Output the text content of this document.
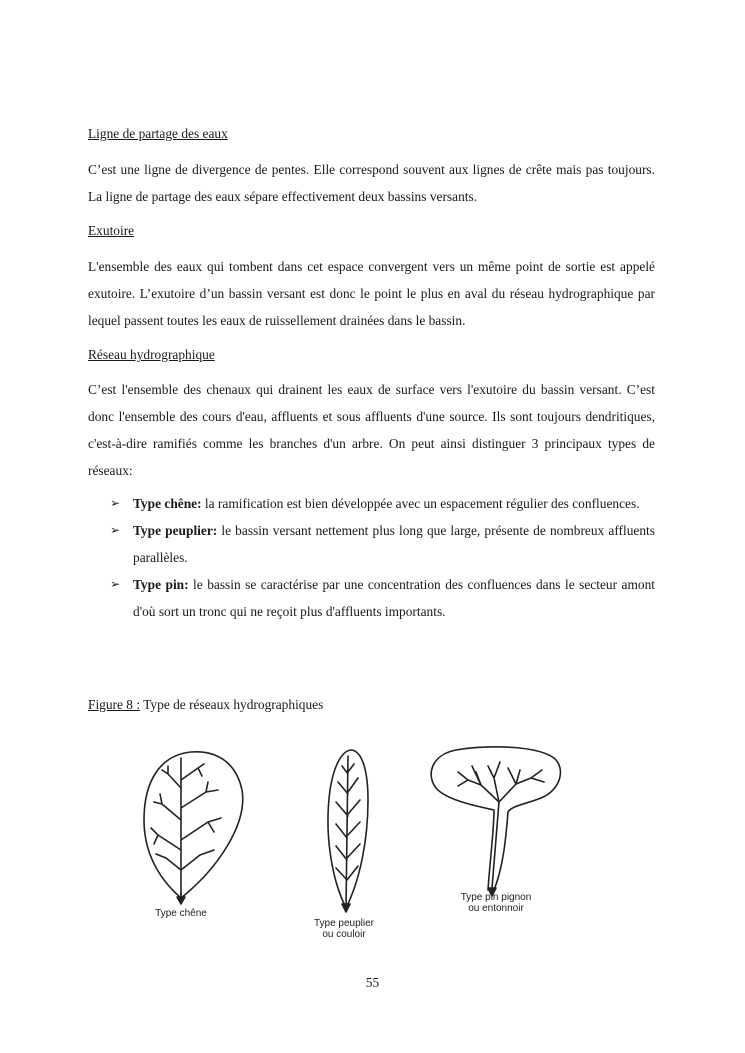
Ligne de partage des eaux

C’est une ligne de divergence de pentes. Elle correspond souvent aux lignes de crête mais pas toujours. La ligne de partage des eaux sépare effectivement deux bassins versants.

Exutoire

L'ensemble des eaux qui tombent dans cet espace convergent vers un même point de sortie est appelé exutoire. L’exutoire d’un bassin versant est donc le point le plus en aval du réseau hydrographique par lequel passent toutes les eaux de ruissellement drainées dans le bassin.

Réseau hydrographique

C’est l'ensemble des chenaux qui drainent les eaux de surface vers l'exutoire du bassin versant. C’est donc l'ensemble des cours d'eau, affluents et sous affluents d'une source. Ils sont toujours dendritiques, c'est-à-dire ramifiés comme les branches d'un arbre. On peut ainsi distinguer 3 principaux types de réseaux:

➢ Type chêne: la ramification est bien développée avec un espacement régulier des confluences.
➢ Type peuplier: le bassin versant nettement plus long que large, présente de nombreux affluents parallèles.
➢ Type pin: le bassin se caractérise par une concentration des confluences dans le secteur amont d'où sort un tronc qui ne reçoit plus d'affluents importants.
Figure 8 : Type de réseaux hydrographiques
Type chêne
Type peuplier
ou couloir
Type pin pignon
ou entonnoir
55
